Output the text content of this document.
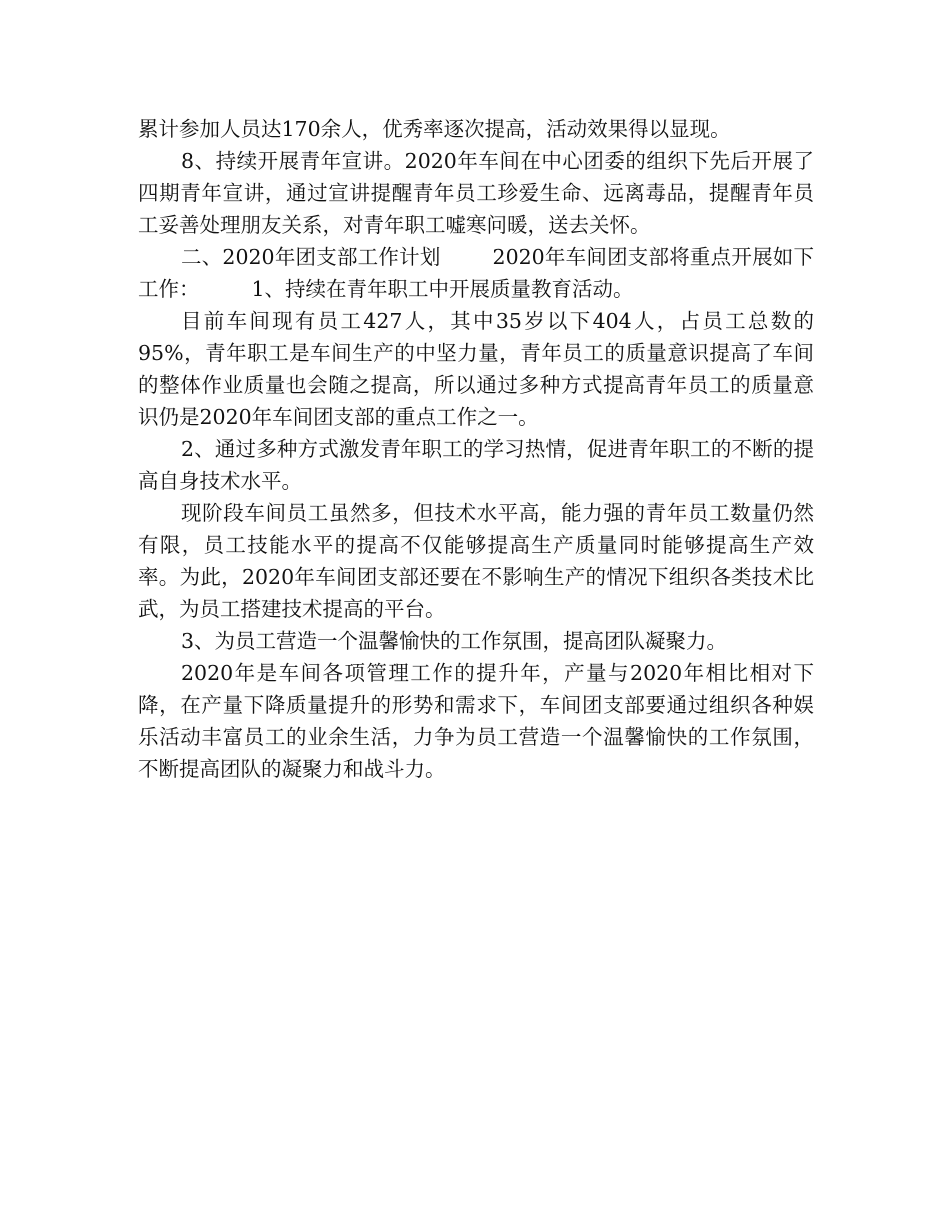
累计参加人员达170余人，优秀率逐次提高，活动效果得以显现。

8、持续开展青年宣讲。2020年车间在中心团委的组织下先后开展了四期青年宣讲，通过宣讲提醒青年员工珍爱生命、远离毒品，提醒青年员工妥善处理朋友关系，对青年职工嘘寒问暖，送去关怀。

二、2020年团支部工作计划	2020年车间团支部将重点开展如下工作：	1、持续在青年职工中开展质量教育活动。

目前车间现有员工427人，其中35岁以下404人，占员工总数的95%，青年职工是车间生产的中坚力量，青年员工的质量意识提高了车间的整体作业质量也会随之提高，所以通过多种方式提高青年员工的质量意识仍是2020年车间团支部的重点工作之一。

2、通过多种方式激发青年职工的学习热情，促进青年职工的不断的提高自身技术水平。

现阶段车间员工虽然多，但技术水平高，能力强的青年员工数量仍然有限，员工技能水平的提高不仅能够提高生产质量同时能够提高生产效率。为此，2020年车间团支部还要在不影响生产的情况下组织各类技术比武，为员工搭建技术提高的平台。

3、为员工营造一个温馨愉快的工作氛围，提高团队凝聚力。

2020年是车间各项管理工作的提升年，产量与2020年相比相对下降，在产量下降质量提升的形势和需求下，车间团支部要通过组织各种娱乐活动丰富员工的业余生活，力争为员工营造一个温馨愉快的工作氛围，不断提高团队的凝聚力和战斗力。
